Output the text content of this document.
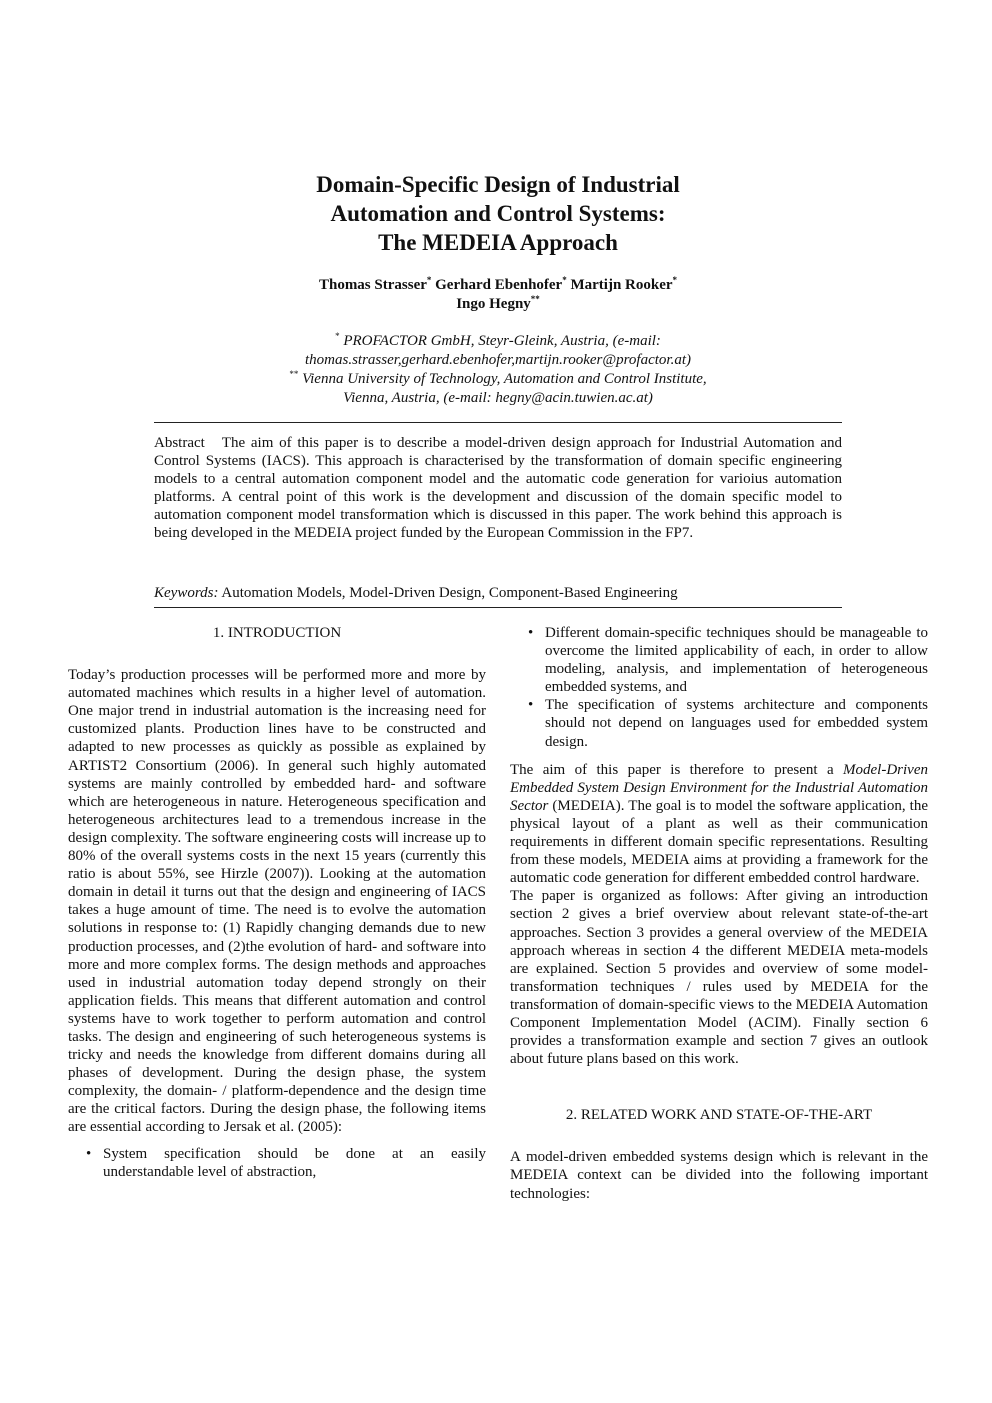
Domain-Specific Design of Industrial
Automation and Control Systems:
The MEDEIA Approach
Thomas Strasser* Gerhard Ebenhofer* Martijn Rooker*
Ingo Hegny**
* PROFACTOR GmbH, Steyr-Gleink, Austria, (e-mail:
thomas.strasser,gerhard.ebenhofer,martijn.rooker@profactor.at)
** Vienna University of Technology, Automation and Control Institute,
Vienna, Austria, (e-mail: hegny@acin.tuwien.ac.at)
Abstract The aim of this paper is to describe a model-driven design approach for Industrial Automation and Control Systems (IACS). This approach is characterised by the transformation of domain specific engineering models to a central automation component model and the automatic code generation for varioius automation platforms. A central point of this work is the development and discussion of the domain specific model to automation component model transformation which is discussed in this paper. The work behind this approach is being developed in the MEDEIA project funded by the European Commission in the FP7.
Keywords: Automation Models, Model-Driven Design, Component-Based Engineering
1. INTRODUCTION

Today’s production processes will be performed more and more by automated machines which results in a higher level of automation. One major trend in industrial automation is the increasing need for customized plants. Production lines have to be constructed and adapted to new processes as quickly as possible as explained by ARTIST2 Consortium (2006). In general such highly automated systems are mainly controlled by embedded hard- and software which are heterogeneous in nature. Heterogeneous specification and heterogeneous architectures lead to a tremendous increase in the design complexity. The software engineering costs will increase up to 80% of the overall systems costs in the next 15 years (currently this ratio is about 55%, see Hirzle (2007)). Looking at the automation domain in detail it turns out that the design and engineering of IACS takes a huge amount of time. The need is to evolve the automation solutions in response to: (1) Rapidly changing demands due to new production processes, and (2)the evolution of hard- and software into more and more complex forms. The design methods and approaches used in industrial automation today depend strongly on their application fields. This means that different automation and control systems have to work together to perform automation and control tasks. The design and engineering of such heterogeneous systems is tricky and needs the knowledge from different domains during all phases of development. During the design phase, the system complexity, the domain- / platform-dependence and the design time are the critical factors. During the design phase, the following items are essential according to Jersak et al. (2005):

• System specification should be done at an easily understandable level of abstraction,
• Different domain-specific techniques should be manageable to overcome the limited applicability of each, in order to allow modeling, analysis, and implementation of heterogeneous embedded systems, and
• The specification of systems architecture and components should not depend on languages used for embedded system design.

The aim of this paper is therefore to present a Model-Driven Embedded System Design Environment for the Industrial Automation Sector (MEDEIA). The goal is to model the software application, the physical layout of a plant as well as their communication requirements in different domain specific representations. Resulting from these models, MEDEIA aims at providing a framework for the automatic code generation for different embedded control hardware.

The paper is organized as follows: After giving an introduction section 2 gives a brief overview about relevant state-of-the-art approaches. Section 3 provides a general overview of the MEDEIA approach whereas in section 4 the different MEDEIA meta-models are explained. Section 5 provides and overview of some model-transformation techniques / rules used by MEDEIA for the transformation of domain-specific views to the MEDEIA Automation Component Implementation Model (ACIM). Finally section 6 provides a transformation example and section 7 gives an outlook about future plans based on this work.

2. RELATED WORK AND STATE-OF-THE-ART

A model-driven embedded systems design which is relevant in the MEDEIA context can be divided into the following important technologies:
